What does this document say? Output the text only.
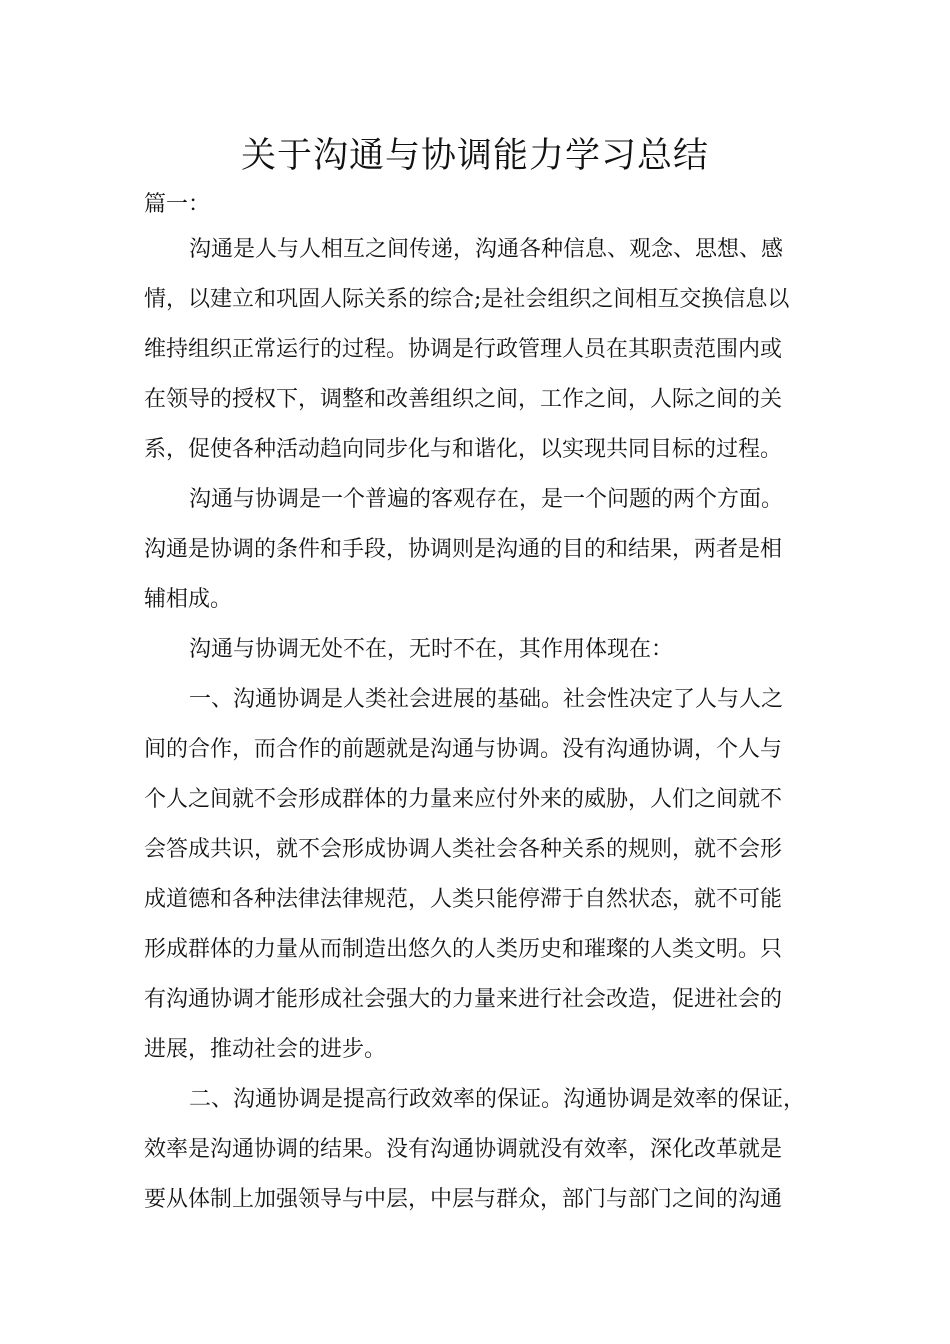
关于沟通与协调能力学习总结
篇一：
沟通是人与人相互之间传递，沟通各种信息、观念、思想、感
情，以建立和巩固人际关系的综合;是社会组织之间相互交换信息以
维持组织正常运行的过程。协调是行政管理人员在其职责范围内或
在领导的授权下，调整和改善组织之间，工作之间，人际之间的关
系，促使各种活动趋向同步化与和谐化，以实现共同目标的过程。
沟通与协调是一个普遍的客观存在，是一个问题的两个方面。
沟通是协调的条件和手段，协调则是沟通的目的和结果，两者是相
辅相成。
沟通与协调无处不在，无时不在，其作用体现在：
一、沟通协调是人类社会进展的基础。社会性决定了人与人之
间的合作，而合作的前题就是沟通与协调。没有沟通协调，个人与
个人之间就不会形成群体的力量来应付外来的威胁，人们之间就不
会答成共识，就不会形成协调人类社会各种关系的规则，就不会形
成道德和各种法律法律规范，人类只能停滞于自然状态，就不可能
形成群体的力量从而制造出悠久的人类历史和璀璨的人类文明。只
有沟通协调才能形成社会强大的力量来进行社会改造，促进社会的
进展，推动社会的进步。
二、沟通协调是提高行政效率的保证。沟通协调是效率的保证，
效率是沟通协调的结果。没有沟通协调就没有效率，深化改革就是
要从体制上加强领导与中层，中层与群众，部门与部门之间的沟通
